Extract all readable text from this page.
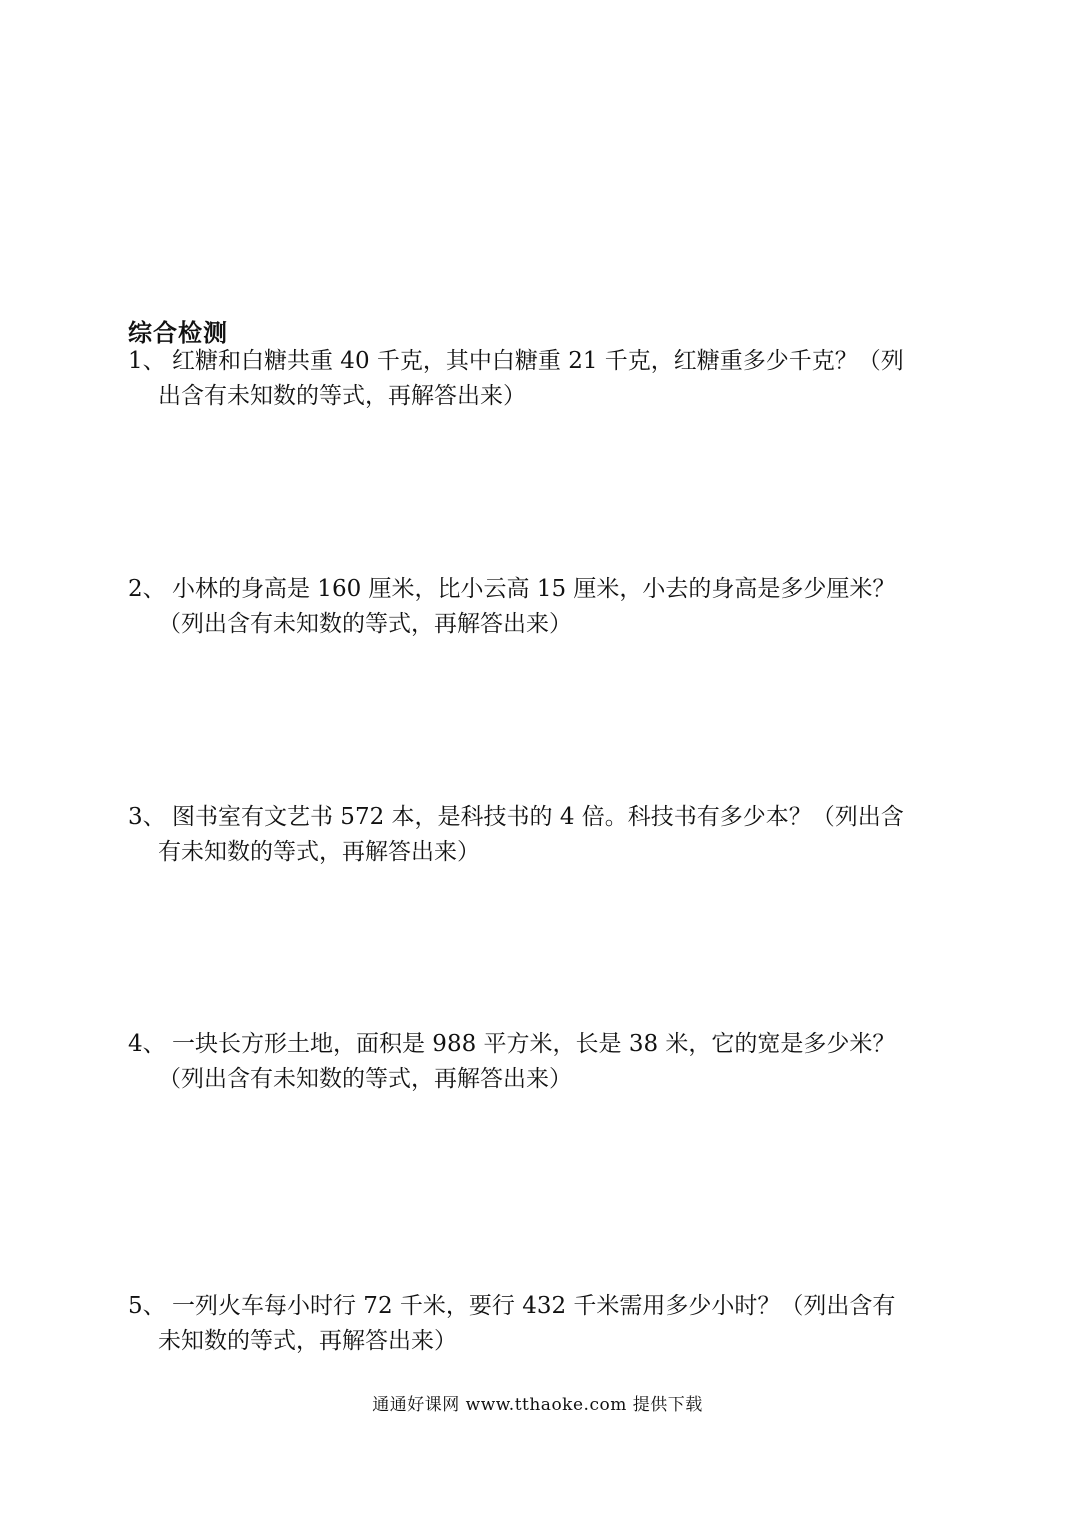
综合检测
1、 红糖和白糖共重 40 千克，其中白糖重 21 千克，红糖重多少千克？（列
出含有未知数的等式，再解答出来）
2、 小林的身高是 160 厘米，比小云高 15 厘米，小去的身高是多少厘米？
（列出含有未知数的等式，再解答出来）
3、 图书室有文艺书 572 本，是科技书的 4 倍。科技书有多少本？（列出含
有未知数的等式，再解答出来）
4、 一块长方形土地，面积是 988 平方米，长是 38 米，它的宽是多少米？
（列出含有未知数的等式，再解答出来）
5、 一列火车每小时行 72 千米，要行 432 千米需用多少小时？（列出含有
未知数的等式，再解答出来）
通通好课网 www.tthaoke.com 提供下载
